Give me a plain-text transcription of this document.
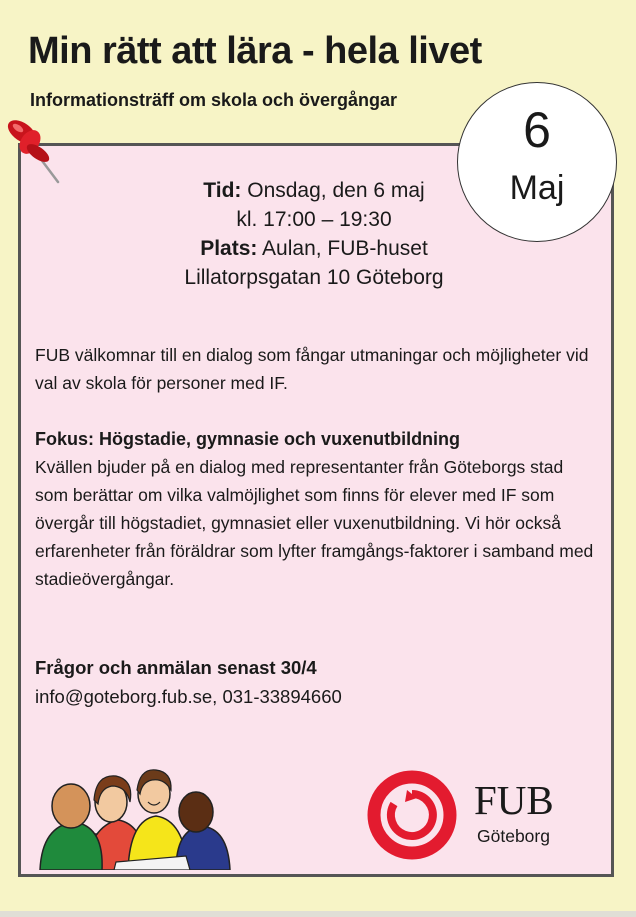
Min rätt att lära - hela livet
Informationsträff om skola och övergångar
6
Maj
Tid: Onsdag, den 6 maj
kl. 17:00 – 19:30
Plats: Aulan, FUB-huset
Lillatorpsgatan 10 Göteborg

FUB välkomnar till en dialog som fångar utmaningar och möjligheter vid val av skola för personer med IF.

Fokus: Högstadie, gymnasie och vuxenutbildning

Kvällen bjuder på en dialog med representanter från Göteborgs stad som berättar om vilka valmöjlighet som finns för elever med IF som övergår till högstadiet, gymnasiet eller vuxenutbildning. Vi hör också erfarenheter från föräldrar som lyfter framgångs-faktorer i samband med stadieövergångar.

Frågor och anmälan senast 30/4
info@goteborg.fub.se, 031-33894660
FUB
Göteborg
